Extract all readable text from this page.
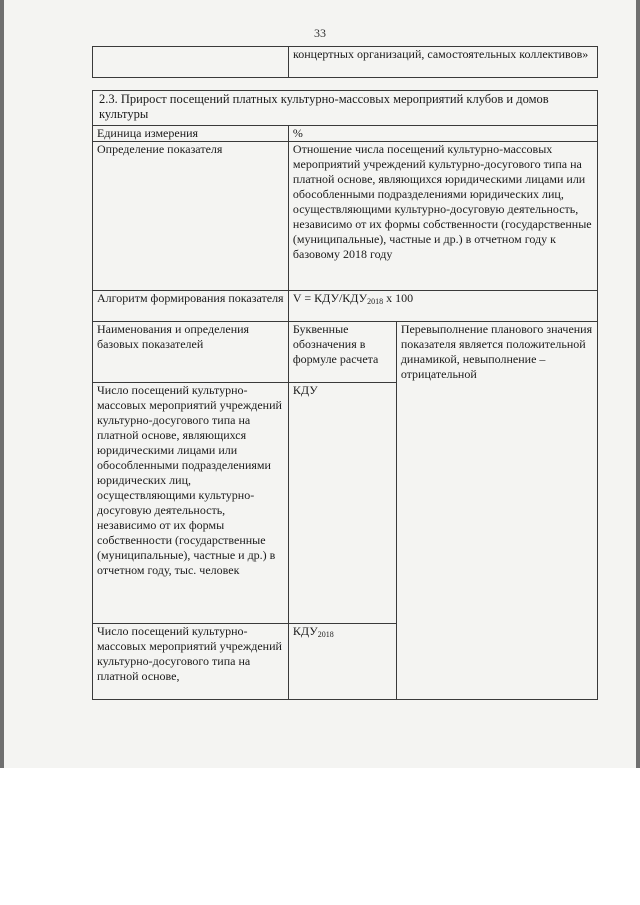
33
	концертных организаций, самостоятельных коллективов»
2.3. Прирост посещений платных культурно-массовых мероприятий клубов и домов культуры		
Единица измерения	%	
Определение показателя	Отношение числа посещений культурно-массовых мероприятий учреждений культурно-досугового типа на платной основе, являющихся юридическими лицами или обособленными подразделениями юридических лиц, осуществляющими культурно-досуговую деятельность, независимо от их формы собственности (государственные (муниципальные), частные и др.) в отчетном году к базовому 2018 году	
Алгоритм формирования показателя	V = КДУ/$КДУ_{2018}$ х 100	
Наименования и определения базовых показателей	Буквенные обозначения в формуле расчета	Перевыполнение планового значения показателя является положительной динамикой, невыполнение – отрицательной
Число посещений культурно-массовых мероприятий учреждений культурно-досугового типа на платной основе, являющихся юридическими лицами или обособленными подразделениями юридических лиц, осуществляющими культурно-досуговую деятельность, независимо от их формы собственности (государственные (муниципальные), частные и др.) в отчетном году, тыс. человек	КДУ	
Число посещений культурно-массовых мероприятий учреждений культурно-досугового типа на платной основе,	$КДУ_{2018}$
